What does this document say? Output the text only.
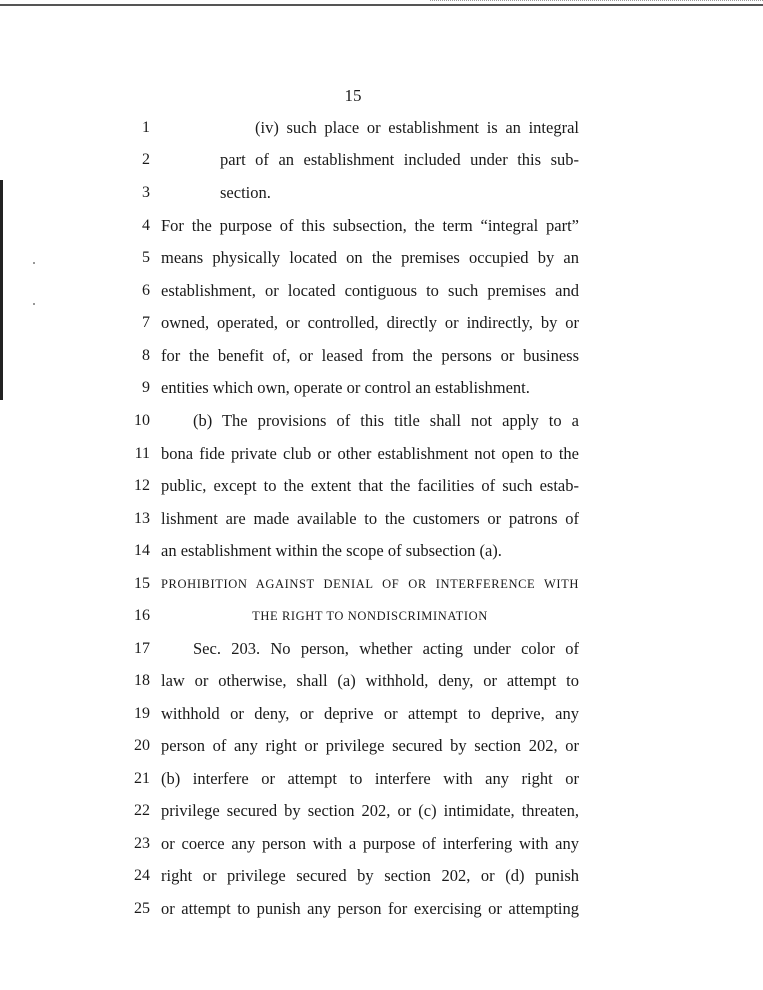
15
1	(iv) such place or establishment is an integral
2	part of an establishment included under this sub-
3	section.
4 For the purpose of this subsection, the term “integral part”
5 means physically located on the premises occupied by an
6 establishment, or located contiguous to such premises and
7 owned, operated, or controlled, directly or indirectly, by or
8 for the benefit of, or leased from the persons or business
9 entities which own, operate or control an establishment.
10	(b) The provisions of this title shall not apply to a
11 bona fide private club or other establishment not open to the
12 public, except to the extent that the facilities of such estab-
13 lishment are made available to the customers or patrons of
14 an establishment within the scope of subsection (a).
15 PROHIBITION AGAINST DENIAL OF OR INTERFERENCE WITH
16	THE RIGHT TO NONDISCRIMINATION
17	Sec. 203. No person, whether acting under color of
18 law or otherwise, shall (a) withhold, deny, or attempt to
19 withhold or deny, or deprive or attempt to deprive, any
20 person of any right or privilege secured by section 202, or
21 (b) interfere or attempt to interfere with any right or
22 privilege secured by section 202, or (c) intimidate, threaten,
23 or coerce any person with a purpose of interfering with any
24 right or privilege secured by section 202, or (d) punish
25 or attempt to punish any person for exercising or attempting
